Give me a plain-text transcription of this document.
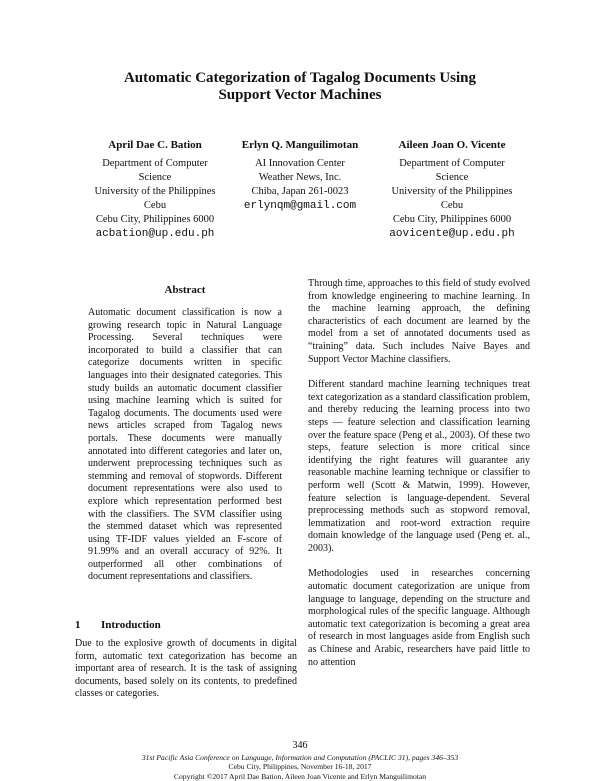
Automatic Categorization of Tagalog Documents Using
Support Vector Machines
April Dae C. Bation
Department of Computer
Science
University of the Philippines
Cebu
Cebu City, Philippines 6000
acbation@up.edu.ph
Erlyn Q. Manguilimotan
AI Innovation Center
Weather News, Inc.
Chiba, Japan 261-0023
erlynqm@gmail.com
Aileen Joan O. Vicente
Department of Computer
Science
University of the Philippines
Cebu
Cebu City, Philippines 6000
aovicente@up.edu.ph
Abstract

Automatic document classification is now a growing research topic in Natural Language Processing. Several techniques were incorporated to build a classifier that can categorize documents written in specific languages into their designated categories. This study builds an automatic document classifier using machine learning which is suited for Tagalog documents. The documents used were news articles scraped from Tagalog news portals. These documents were manually annotated into different categories and later on, underwent preprocessing techniques such as stemming and removal of stopwords. Different document representations were also used to explore which representation performed best with the classifiers. The SVM classifier using the stemmed dataset which was represented using TF-IDF values yielded an F-score of 91.99% and an overall accuracy of 92%. It outperformed all other combinations of document representations and classifiers.

1 Introduction

Due to the explosive growth of documents in digital form, automatic text categorization has become an important area of research. It is the task of assigning documents, based solely on its contents, to predefined classes or categories.

Through time, approaches to this field of study evolved from knowledge engineering to machine learning. In the machine learning approach, the defining characteristics of each document are learned by the model from a set of annotated documents used as “training” data. Such includes Naive Bayes and Support Vector Machine classifiers.

Different standard machine learning techniques treat text categorization as a standard classification problem, and thereby reducing the learning process into two steps — feature selection and classification learning over the feature space (Peng et al., 2003). Of these two steps, feature selection is more critical since identifying the right features will guarantee any reasonable machine learning technique or classifier to perform well (Scott & Matwin, 1999). However, feature selection is language-dependent. Several preprocessing methods such as stopword removal, lemmatization and root-word extraction require domain knowledge of the language used (Peng et. al., 2003).

Methodologies used in researches concerning automatic document categorization are unique from language to language, depending on the structure and morphological rules of the specific language. Although automatic text categorization is becoming a great area of research in most languages aside from English such as Chinese and Arabic, researchers have paid little to no attention

346
31st Pacific Asia Conference on Language, Information and Computation (PACLIC 31), pages 346–353
Cebu City, Philippines, November 16-18, 2017
Copyright ©2017 April Dae Bation, Aileen Joan Vicente and Erlyn Manguilimotan
